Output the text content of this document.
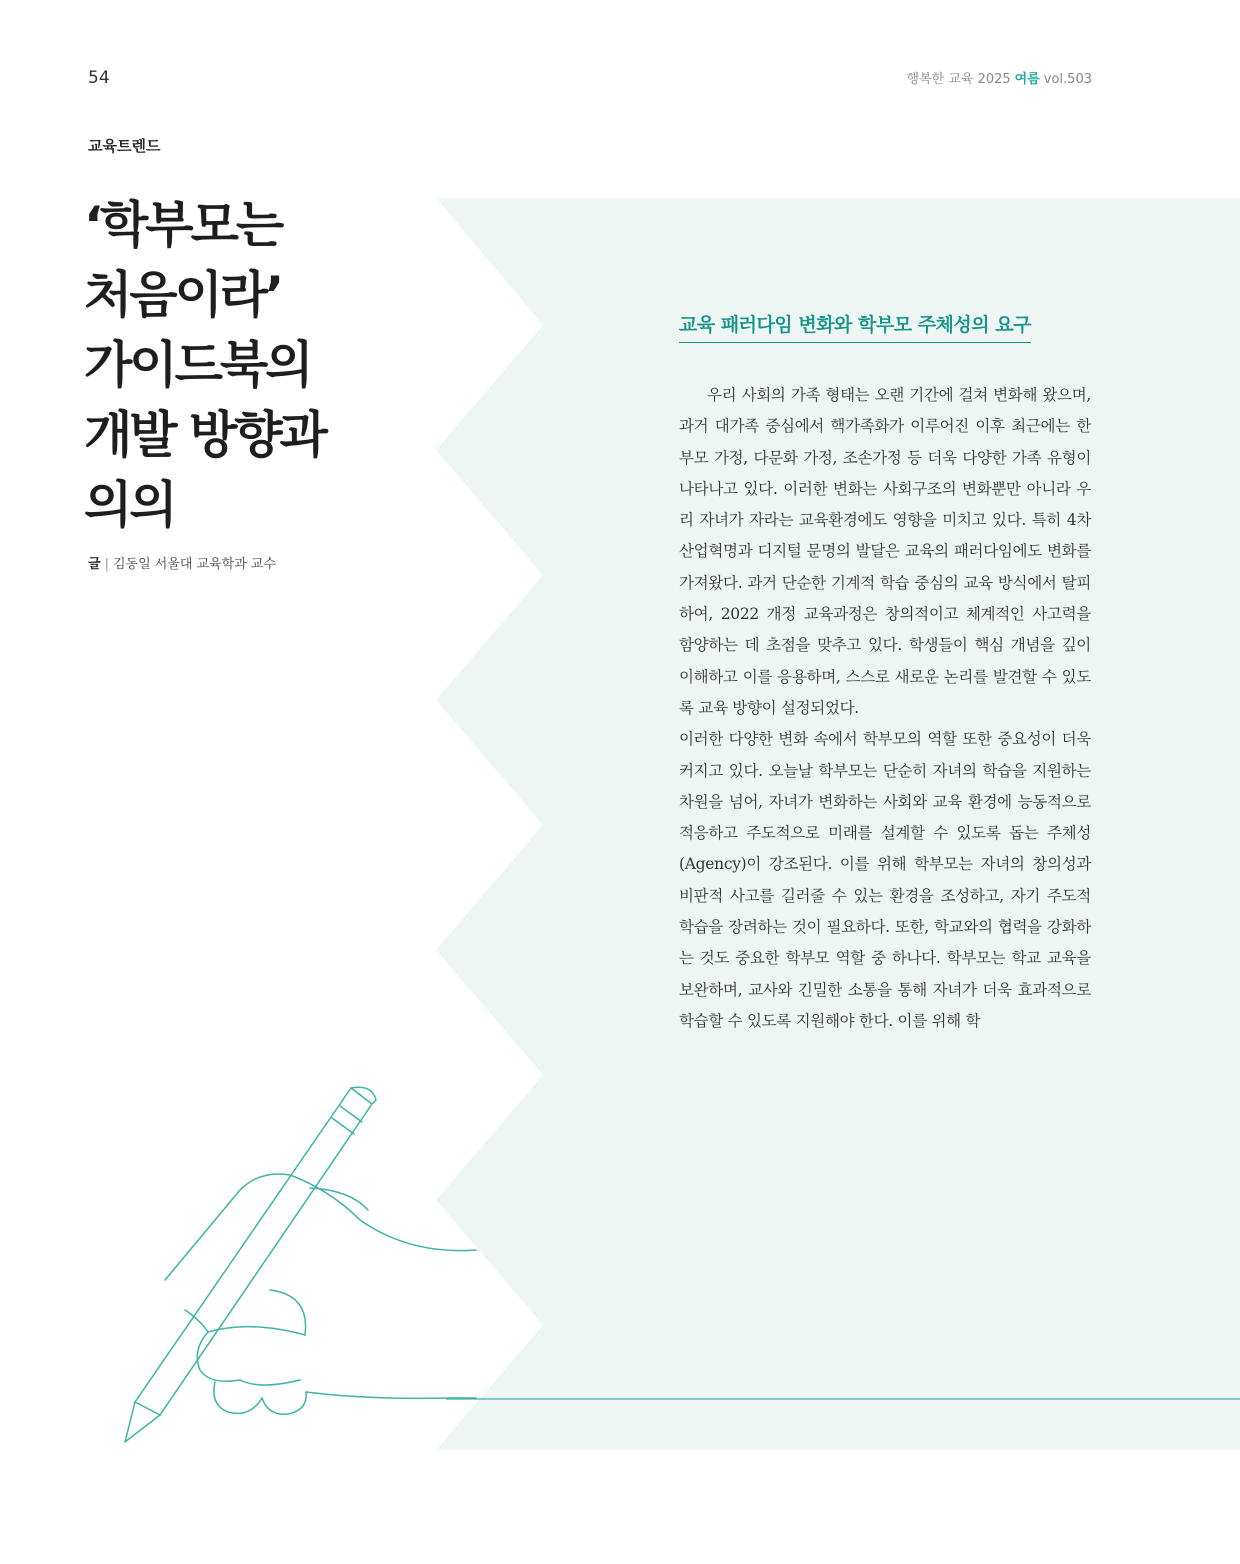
54	행복한 교육 2025 여름 vol.503
교육트렌드
‘학부모는
처음이라’
가이드북의
개발 방향과
의의
글 | 김동일 서울대 교육학과 교수
교육 패러다임 변화와 학부모 주체성의 요구

우리 사회의 가족 형태는 오랜 기간에 걸쳐 변화해 왔으며, 과거 대가족 중심에서 핵가족화가 이루어진 이후 최근에는 한부모 가정, 다문화 가정, 조손가정 등 더욱 다양한 가족 유형이 나타나고 있다. 이러한 변화는 사회구조의 변화뿐만 아니라 우리 자녀가 자라는 교육환경에도 영향을 미치고 있다. 특히 4차 산업혁명과 디지털 문명의 발달은 교육의 패러다임에도 변화를 가져왔다. 과거 단순한 기계적 학습 중심의 교육 방식에서 탈피하여, 2022 개정 교육과정은 창의적이고 체계적인 사고력을 함양하는 데 초점을 맞추고 있다. 학생들이 핵심 개념을 깊이 이해하고 이를 응용하며, 스스로 새로운 논리를 발견할 수 있도록 교육 방향이 설정되었다.

이러한 다양한 변화 속에서 학부모의 역할 또한 중요성이 더욱 커지고 있다. 오늘날 학부모는 단순히 자녀의 학습을 지원하는 차원을 넘어, 자녀가 변화하는 사회와 교육 환경에 능동적으로 적응하고 주도적으로 미래를 설계할 수 있도록 돕는 주체성(Agency)이 강조된다. 이를 위해 학부모는 자녀의 창의성과 비판적 사고를 길러줄 수 있는 환경을 조성하고, 자기 주도적 학습을 장려하는 것이 필요하다. 또한, 학교와의 협력을 강화하는 것도 중요한 학부모 역할 중 하나다. 학부모는 학교 교육을 보완하며, 교사와 긴밀한 소통을 통해 자녀가 더욱 효과적으로 학습할 수 있도록 지원해야 한다. 이를 위해 학
